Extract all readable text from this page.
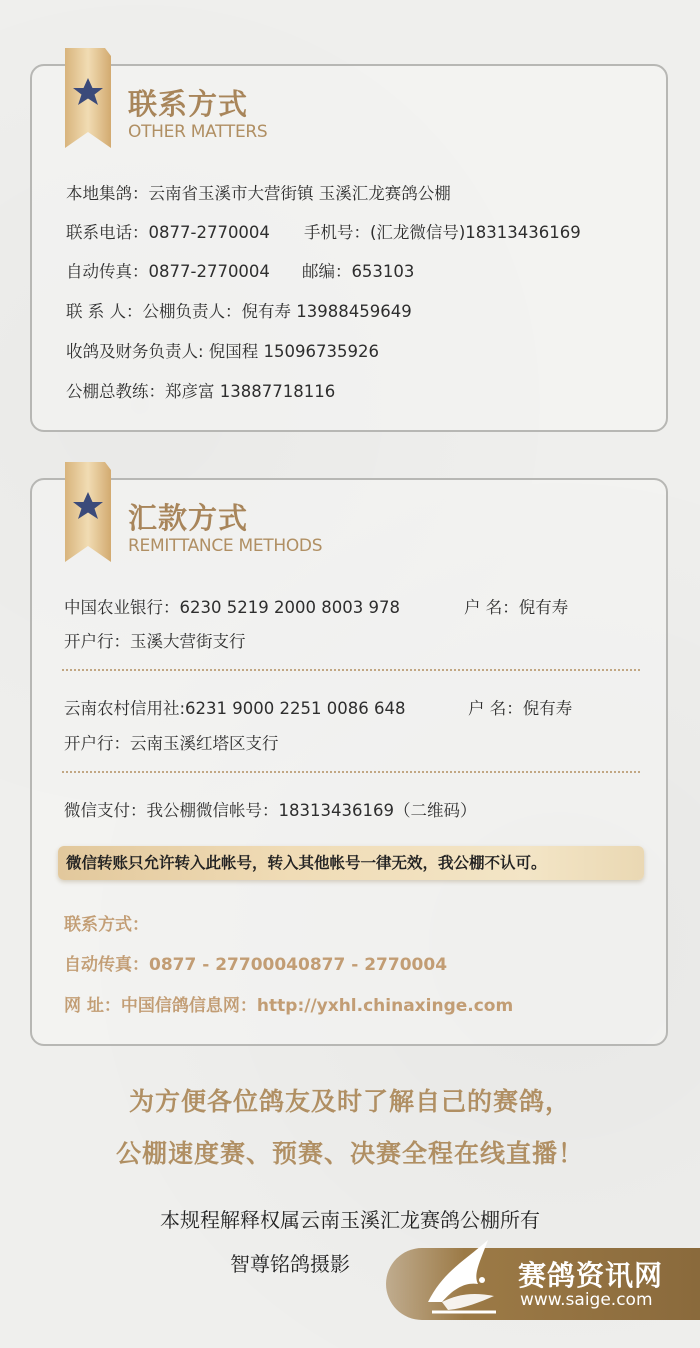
联系方式
OTHER MATTERS
本地集鸽：云南省玉溪市大营街镇 玉溪汇龙赛鸽公棚
联系电话：0877-2770004 手机号：(汇龙微信号)18313436169
自动传真：0877-2770004 邮编：653103
联 系 人：公棚负责人：倪有寿 13988459649
收鸽及财务负责人: 倪国程 15096735926
公棚总教练：郑彦富 13887718116
汇款方式
REMITTANCE METHODS
中国农业银行：6230 5219 2000 8003 978	户 名：倪有寿
开户行：玉溪大营街支行
云南农村信用社:6231 9000 2251 0086 648	户 名：倪有寿
开户行：云南玉溪红塔区支行
微信支付：我公棚微信帐号：18313436169（二维码）
微信转账只允许转入此帐号，转入其他帐号一律无效，我公棚不认可。
联系方式：
自动传真：0877 - 27700040877 - 2770004
网 址：中国信鸽信息网：http://yxhl.chinaxinge.com
为方便各位鸽友及时了解自己的赛鸽，
公棚速度赛、预赛、决赛全程在线直播！
本规程解释权属云南玉溪汇龙赛鸽公棚所有
智尊铭鸽摄影	赛鸽资讯网
www.saige.com
